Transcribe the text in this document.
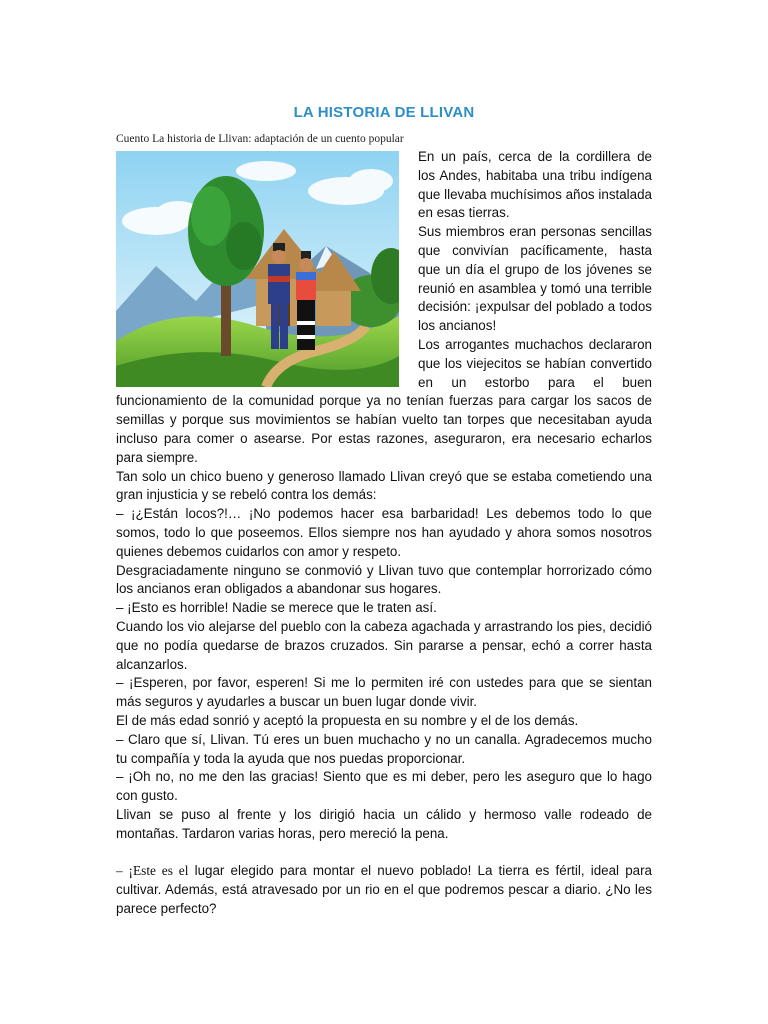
LA HISTORIA DE LLIVAN
Cuento La historia de Llivan: adaptación de un cuento popular

En un país, cerca de la cordillera de los Andes, habitaba una tribu indígena que llevaba muchísimos años instalada en esas tierras.

Sus miembros eran personas sencillas que convivían pacíficamente, hasta que un día el grupo de los jóvenes se reunió en asamblea y tomó una terrible decisión: ¡expulsar del poblado a todos los ancianos!

Los arrogantes muchachos declararon que los viejecitos se habían convertido en un estorbo para el buen funcionamiento de la comunidad porque ya no tenían fuerzas para cargar los sacos de semillas y porque sus movimientos se habían vuelto tan torpes que necesitaban ayuda incluso para comer o asearse. Por estas razones, aseguraron, era necesario echarlos para siempre.

Tan solo un chico bueno y generoso llamado Llivan creyó que se estaba cometiendo una gran injusticia y se rebeló contra los demás:

– ¡¿Están locos?!… ¡No podemos hacer esa barbaridad! Les debemos todo lo que somos, todo lo que poseemos. Ellos siempre nos han ayudado y ahora somos nosotros quienes debemos cuidarlos con amor y respeto.

Desgraciadamente ninguno se conmovió y Llivan tuvo que contemplar horrorizado cómo los ancianos eran obligados a abandonar sus hogares.

– ¡Esto es horrible! Nadie se merece que le traten así.

Cuando los vio alejarse del pueblo con la cabeza agachada y arrastrando los pies, decidió que no podía quedarse de brazos cruzados. Sin pararse a pensar, echó a correr hasta alcanzarlos.

– ¡Esperen, por favor, esperen! Si me lo permiten iré con ustedes para que se sientan más seguros y ayudarles a buscar un buen lugar donde vivir.

El de más edad sonrió y aceptó la propuesta en su nombre y el de los demás.

– Claro que sí, Llivan. Tú eres un buen muchacho y no un canalla. Agradecemos mucho tu compañía y toda la ayuda que nos puedas proporcionar.

– ¡Oh no, no me den las gracias! Siento que es mi deber, pero les aseguro que lo hago con gusto.

Llivan se puso al frente y los dirigió hacia un cálido y hermoso valle rodeado de montañas. Tardaron varias horas, pero mereció la pena.

– ¡Este es el lugar elegido para montar el nuevo poblado! La tierra es fértil, ideal para cultivar. Además, está atravesado por un rio en el que podremos pescar a diario. ¿No les parece perfecto?
